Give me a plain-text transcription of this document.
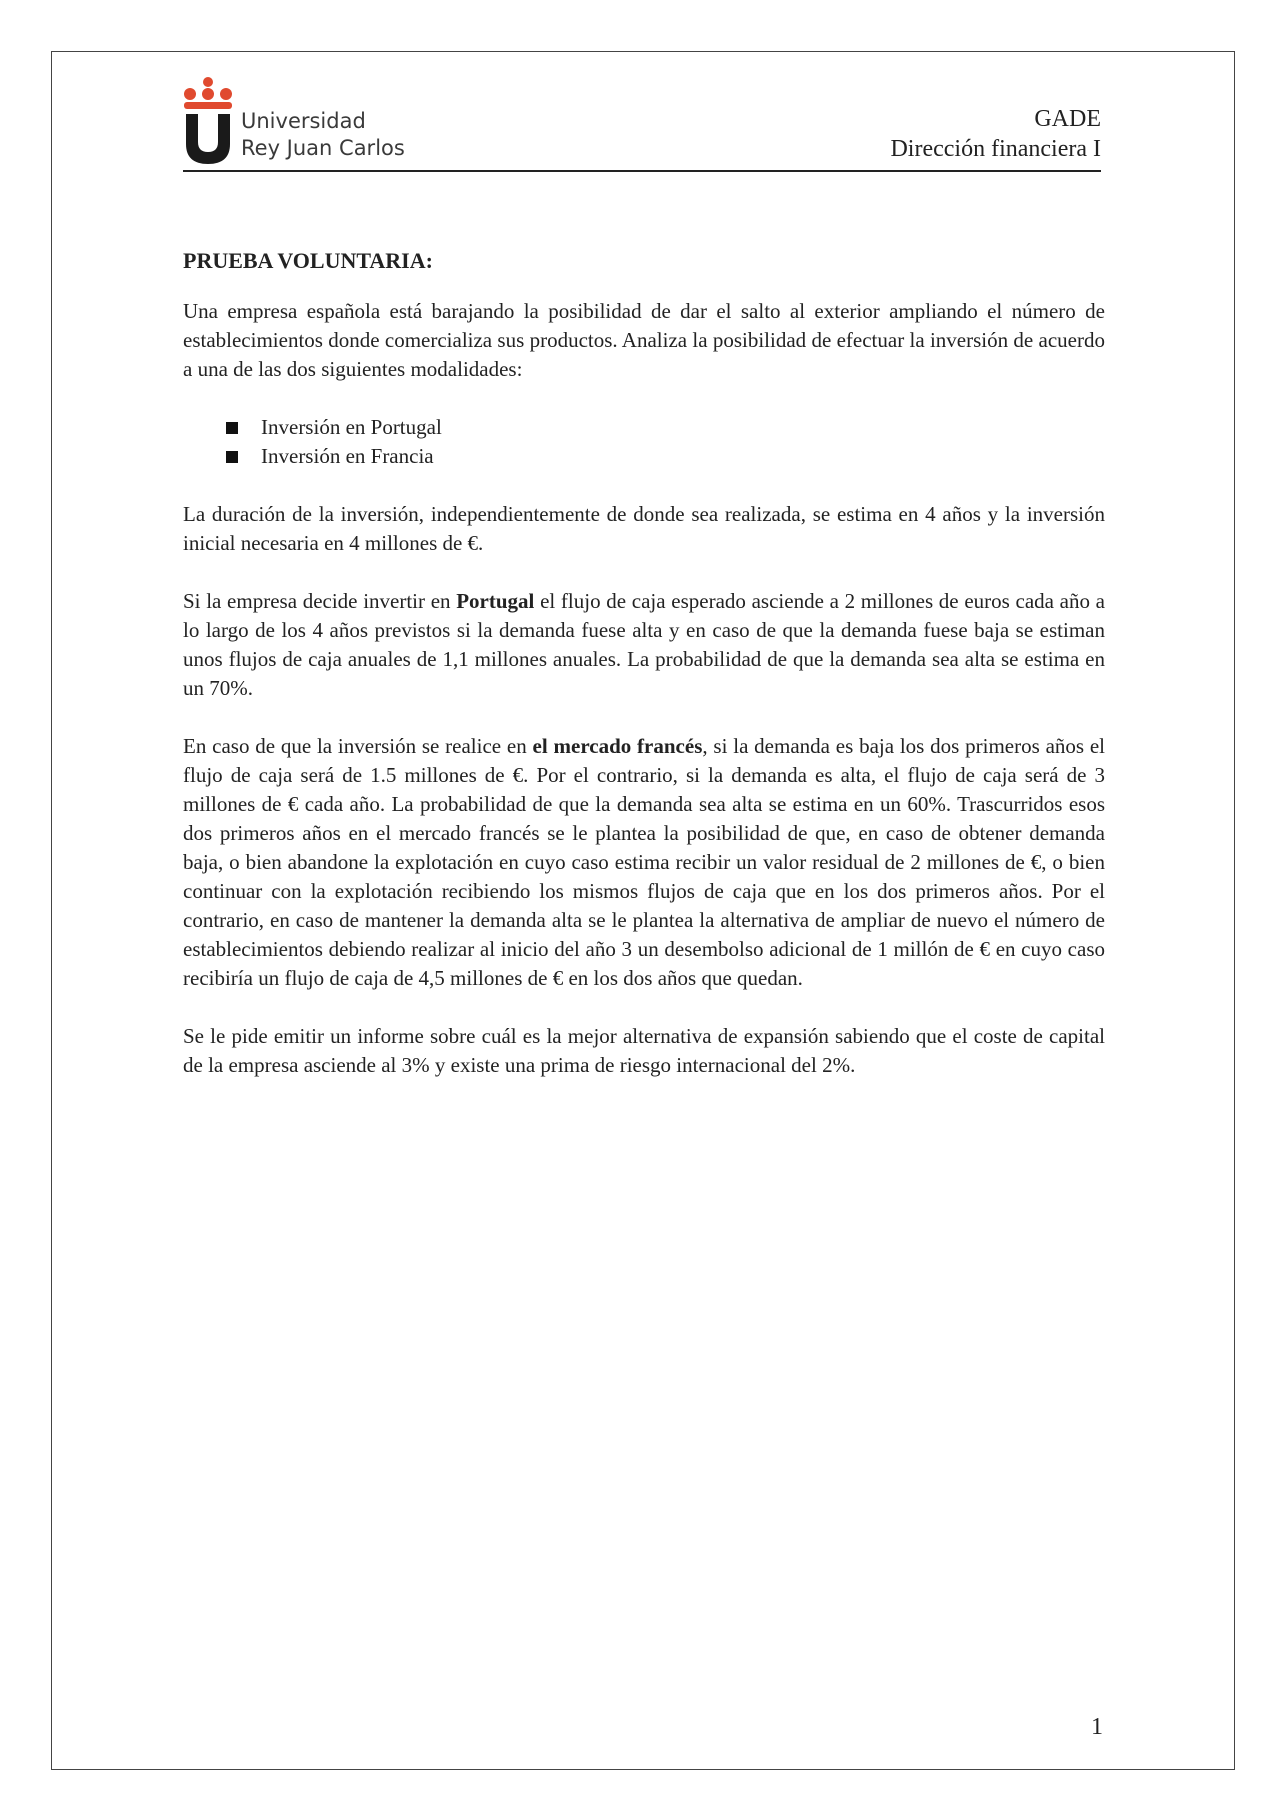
Universidad
Rey Juan Carlos
GADE
Dirección financiera I
PRUEBA VOLUNTARIA:

Una empresa española está barajando la posibilidad de dar el salto al exterior ampliando el número de establecimientos donde comercializa sus productos. Analiza la posibilidad de efectuar la inversión de acuerdo a una de las dos siguientes modalidades:

Inversión en Portugal
Inversión en Francia

La duración de la inversión, independientemente de donde sea realizada, se estima en 4 años y la inversión inicial necesaria en 4 millones de €.

Si la empresa decide invertir en Portugal el flujo de caja esperado asciende a 2 millones de euros cada año a lo largo de los 4 años previstos si la demanda fuese alta y en caso de que la demanda fuese baja se estiman unos flujos de caja anuales de 1,1 millones anuales. La probabilidad de que la demanda sea alta se estima en un 70%.

En caso de que la inversión se realice en el mercado francés, si la demanda es baja los dos primeros años el flujo de caja será de 1.5 millones de €. Por el contrario, si la demanda es alta, el flujo de caja será de 3 millones de € cada año. La probabilidad de que la demanda sea alta se estima en un 60%. Trascurridos esos dos primeros años en el mercado francés se le plantea la posibilidad de que, en caso de obtener demanda baja, o bien abandone la explotación en cuyo caso estima recibir un valor residual de 2 millones de €, o bien continuar con la explotación recibiendo los mismos flujos de caja que en los dos primeros años. Por el contrario, en caso de mantener la demanda alta se le plantea la alternativa de ampliar de nuevo el número de establecimientos debiendo realizar al inicio del año 3 un desembolso adicional de 1 millón de € en cuyo caso recibiría un flujo de caja de 4,5 millones de € en los dos años que quedan.

Se le pide emitir un informe sobre cuál es la mejor alternativa de expansión sabiendo que el coste de capital de la empresa asciende al 3% y existe una prima de riesgo internacional del 2%.

1
